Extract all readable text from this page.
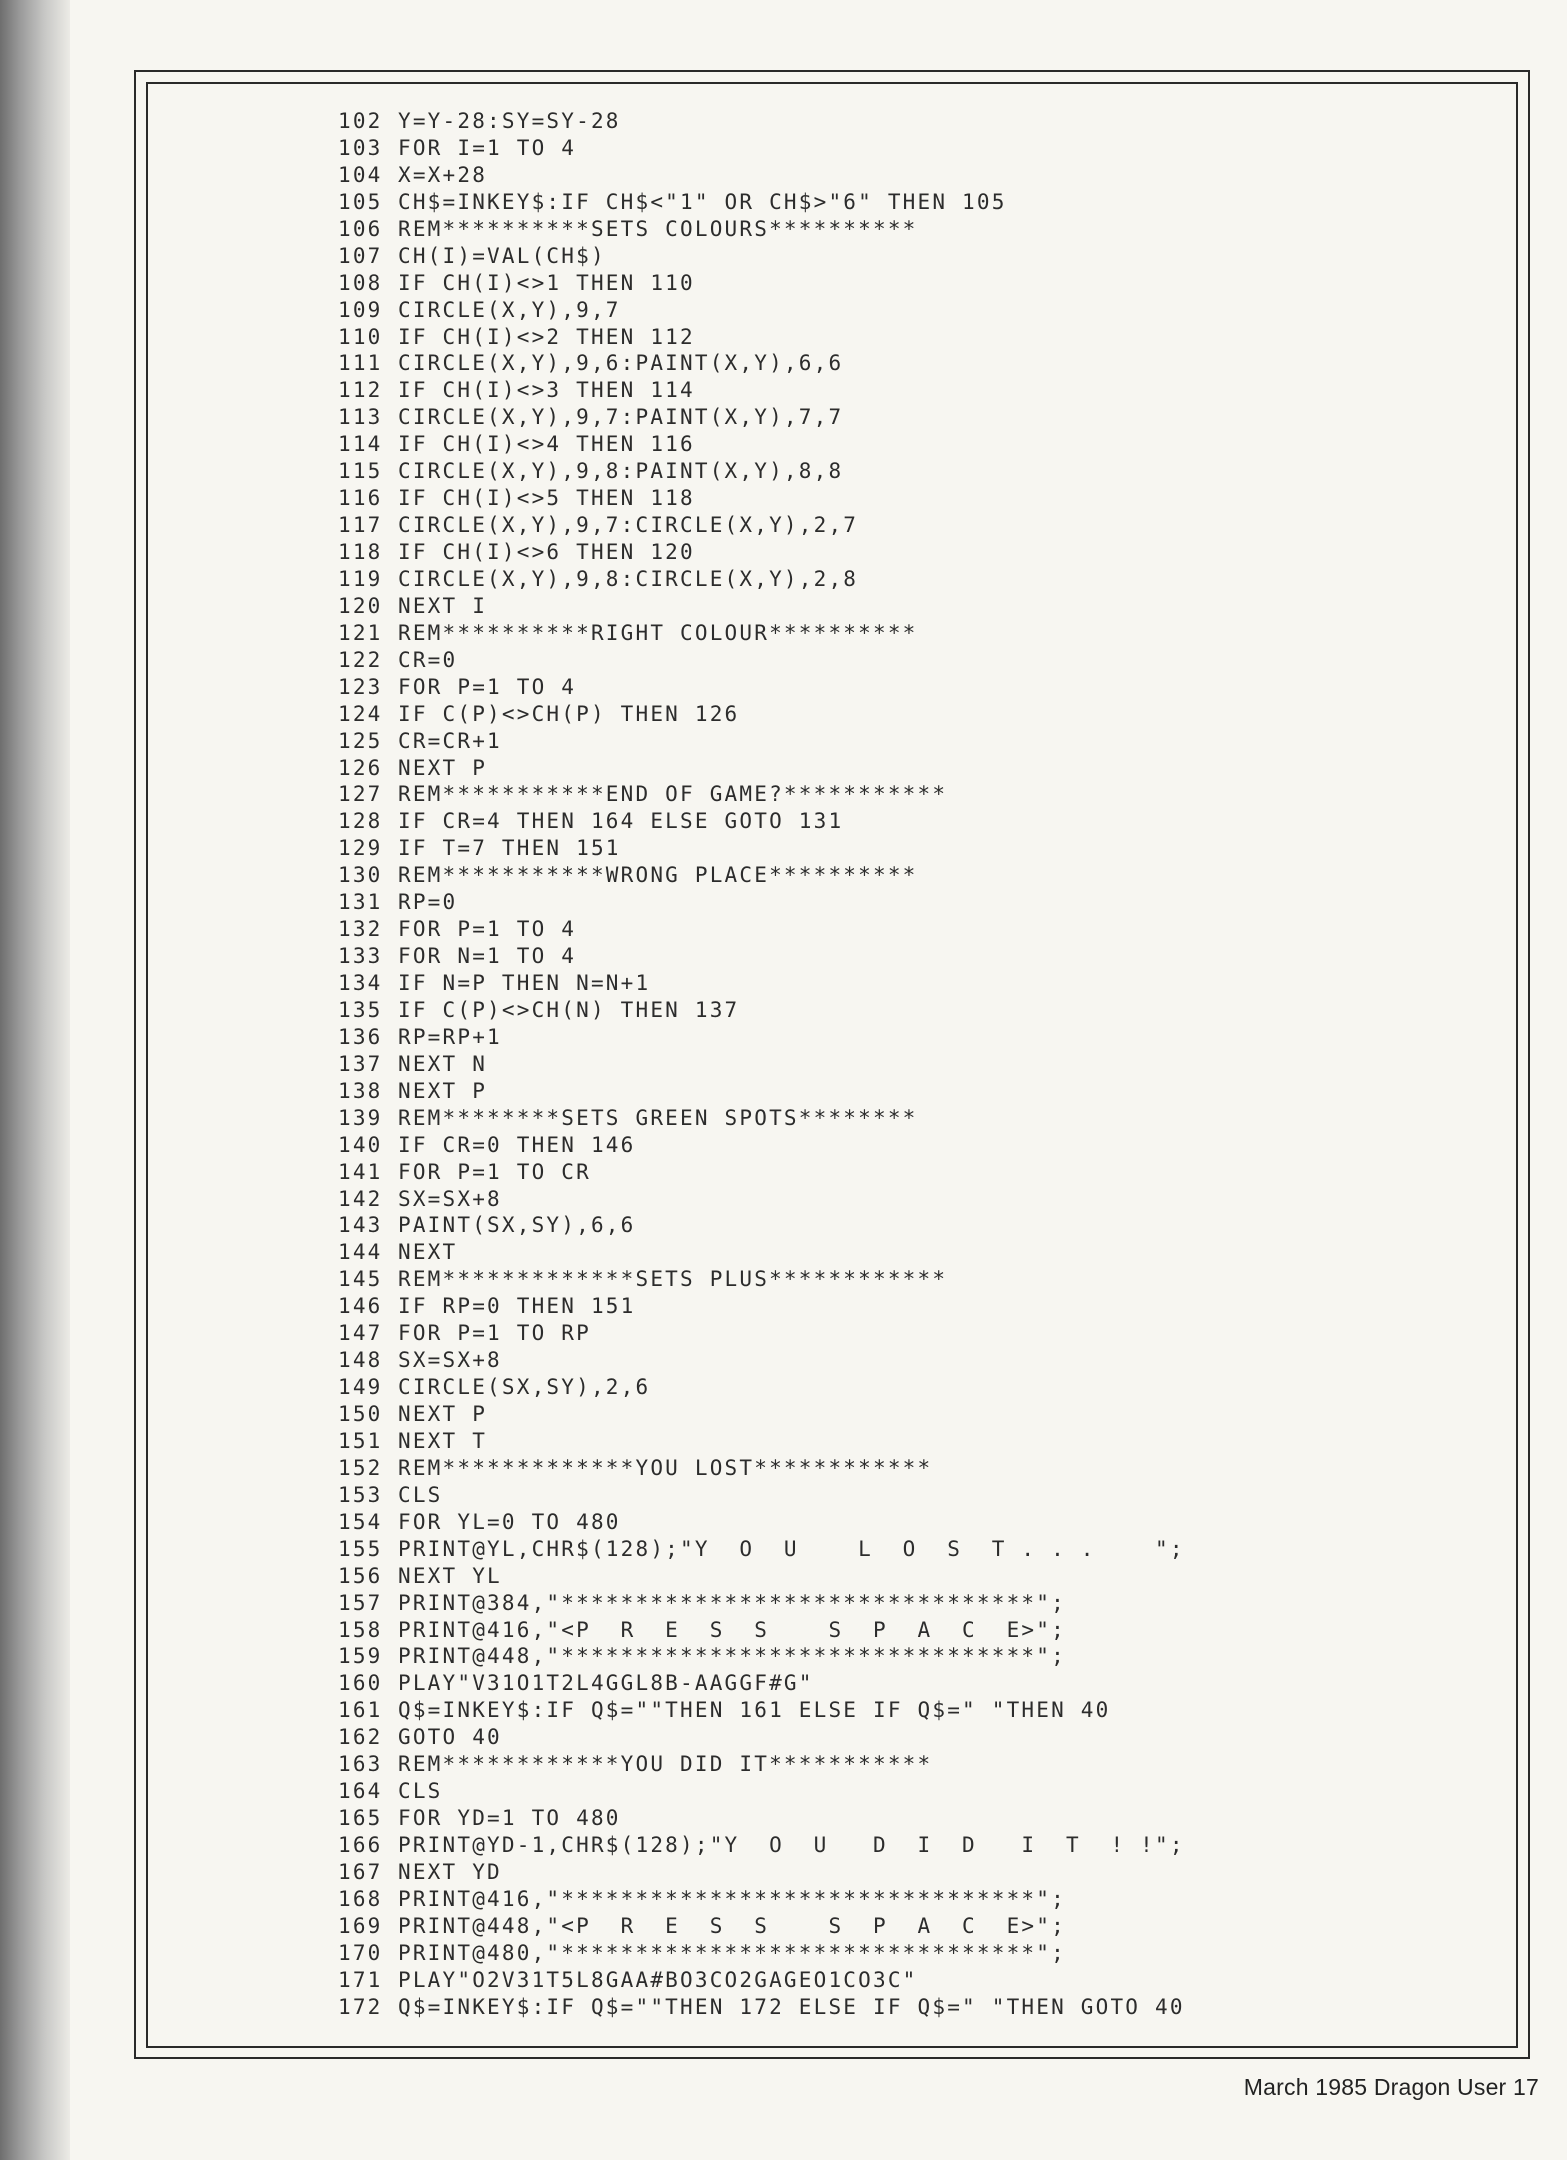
102 Y=Y-28:SY=SY-28
103 FOR I=1 TO 4
104 X=X+28
105 CH$=INKEY$:IF CH$<"1" OR CH$>"6" THEN 105
106 REM**********SETS COLOURS**********
107 CH(I)=VAL(CH$)
108 IF CH(I)<>1 THEN 110
109 CIRCLE(X,Y),9,7
110 IF CH(I)<>2 THEN 112
111 CIRCLE(X,Y),9,6:PAINT(X,Y),6,6
112 IF CH(I)<>3 THEN 114
113 CIRCLE(X,Y),9,7:PAINT(X,Y),7,7
114 IF CH(I)<>4 THEN 116
115 CIRCLE(X,Y),9,8:PAINT(X,Y),8,8
116 IF CH(I)<>5 THEN 118
117 CIRCLE(X,Y),9,7:CIRCLE(X,Y),2,7
118 IF CH(I)<>6 THEN 120
119 CIRCLE(X,Y),9,8:CIRCLE(X,Y),2,8
120 NEXT I
121 REM**********RIGHT COLOUR**********
122 CR=0
123 FOR P=1 TO 4
124 IF C(P)<>CH(P) THEN 126
125 CR=CR+1
126 NEXT P
127 REM***********END OF GAME?***********
128 IF CR=4 THEN 164 ELSE GOTO 131
129 IF T=7 THEN 151
130 REM***********WRONG PLACE**********
131 RP=0
132 FOR P=1 TO 4
133 FOR N=1 TO 4
134 IF N=P THEN N=N+1
135 IF C(P)<>CH(N) THEN 137
136 RP=RP+1
137 NEXT N
138 NEXT P
139 REM********SETS GREEN SPOTS********
140 IF CR=0 THEN 146
141 FOR P=1 TO CR
142 SX=SX+8
143 PAINT(SX,SY),6,6
144 NEXT
145 REM*************SETS PLUS************
146 IF RP=0 THEN 151
147 FOR P=1 TO RP
148 SX=SX+8
149 CIRCLE(SX,SY),2,6
150 NEXT P
151 NEXT T
152 REM*************YOU LOST************
153 CLS
154 FOR YL=0 TO 480
155 PRINT@YL,CHR$(128);"Y  O  U    L  O  S  T . . .    ";
156 NEXT YL
157 PRINT@384,"********************************";
158 PRINT@416,"<P  R  E  S  S    S  P  A  C  E>";
159 PRINT@448,"********************************";
160 PLAY"V31O1T2L4GGL8B-AAGGF#G"
161 Q$=INKEY$:IF Q$=""THEN 161 ELSE IF Q$=" "THEN 40
162 GOTO 40
163 REM************YOU DID IT***********
164 CLS
165 FOR YD=1 TO 480
166 PRINT@YD-1,CHR$(128);"Y  O  U   D  I  D   I  T  ! !";
167 NEXT YD
168 PRINT@416,"********************************";
169 PRINT@448,"<P  R  E  S  S    S  P  A  C  E>";
170 PRINT@480,"********************************";
171 PLAY"O2V31T5L8GAA#BO3CO2GAGEO1CO3C"
172 Q$=INKEY$:IF Q$=""THEN 172 ELSE IF Q$=" "THEN GOTO 40
March 1985 Dragon User 17
